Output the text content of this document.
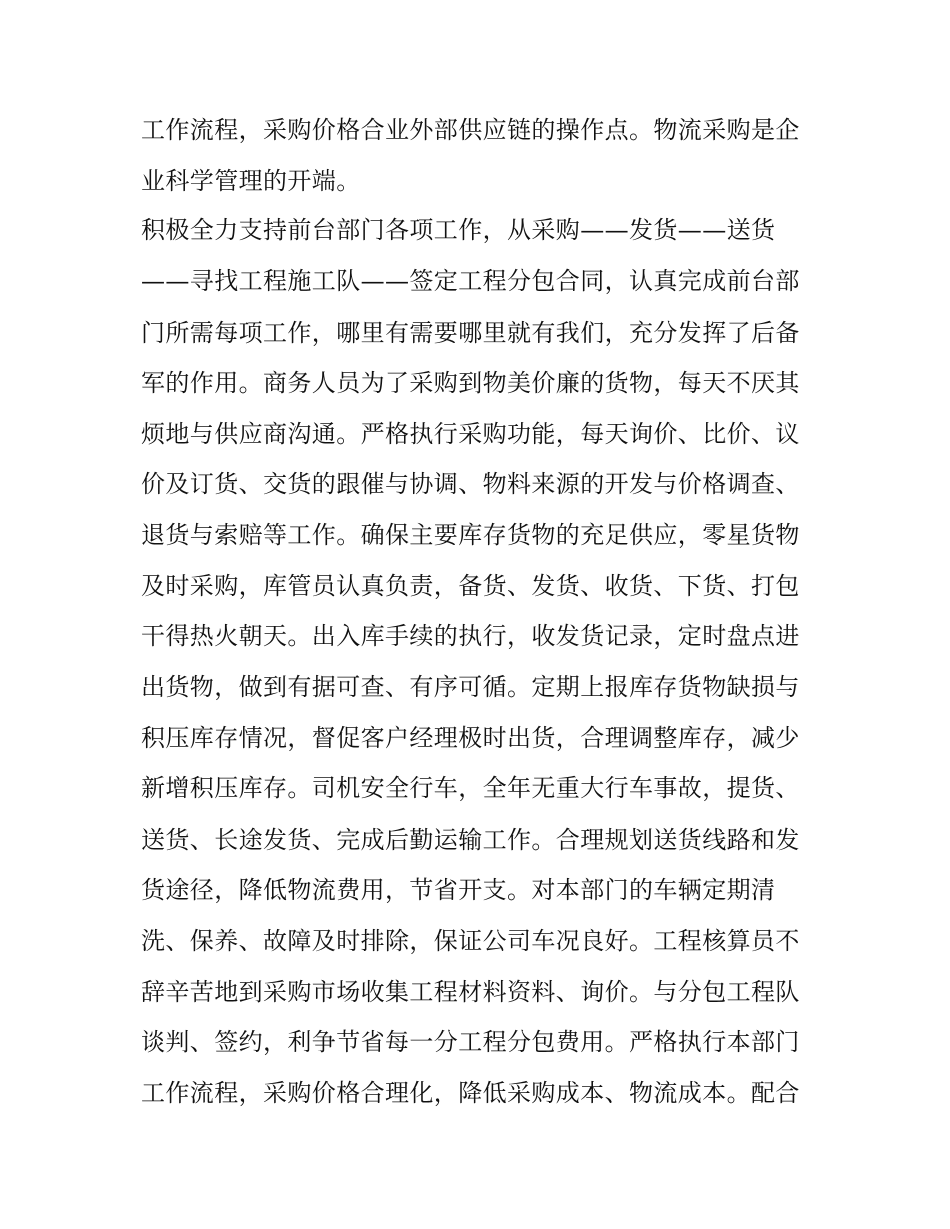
工作流程，采购价格合业外部供应链的操作点。物流采购是企
业科学管理的开端。
积极全力支持前台部门各项工作，从采购——发货——送货
——寻找工程施工队——签定工程分包合同，认真完成前台部
门所需每项工作，哪里有需要哪里就有我们，充分发挥了后备
军的作用。商务人员为了采购到物美价廉的货物，每天不厌其
烦地与供应商沟通。严格执行采购功能，每天询价、比价、议
价及订货、交货的跟催与协调、物料来源的开发与价格调查、
退货与索赔等工作。确保主要库存货物的充足供应，零星货物
及时采购，库管员认真负责，备货、发货、收货、下货、打包
干得热火朝天。出入库手续的执行，收发货记录，定时盘点进
出货物，做到有据可查、有序可循。定期上报库存货物缺损与
积压库存情况，督促客户经理极时出货，合理调整库存，减少
新增积压库存。司机安全行车，全年无重大行车事故，提货、
送货、长途发货、完成后勤运输工作。合理规划送货线路和发
货途径，降低物流费用，节省开支。对本部门的车辆定期清
洗、保养、故障及时排除，保证公司车况良好。工程核算员不
辞辛苦地到采购市场收集工程材料资料、询价。与分包工程队
谈判、签约，利争节省每一分工程分包费用。严格执行本部门
工作流程，采购价格合理化，降低采购成本、物流成本。配合
